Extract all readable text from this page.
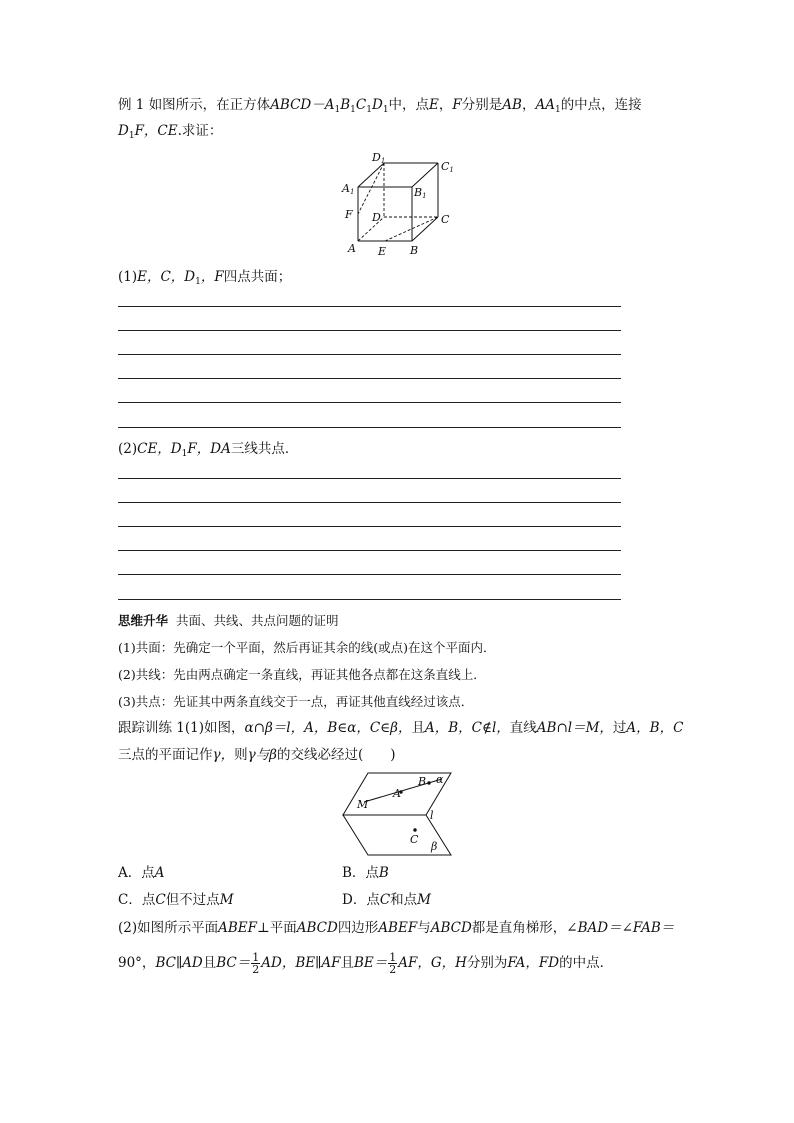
例 1 如图所示，在正方体$ABCD-A_1B_1C_1D_1$中，点E，F分别是AB，$AA_1$的中点，连接
$D_1F$，CE.求证：
D1	C1
A1	B1
F D	C
A E B
(1)E，C，$D_1$，F四点共面；
(2)CE，$D_1F$，DA三线共点．
思维升华 共面、共线、共点问题的证明
(1)共面：先确定一个平面，然后再证其余的线(或点)在这个平面内．
(2)共线：先由两点确定一条直线，再证其他各点都在这条直线上．
(3)共点：先证其中两条直线交于一点，再证其他直线经过该点．
跟踪训练 1(1)如图，α∩β＝l，A，B∈α，C∈β，且A，B，C∉l，直线AB∩l＝M，过A，B，C
三点的平面记作γ，则γ与β的交线必经过(　　)
α
B
A
M
l
C
β
A．点A	B．点B
C．点C但不过点M	D．点C和点M
(2)如图所示平面ABEF⊥平面ABCD四边形ABEF与ABCD都是直角梯形，∠BAD＝∠FAB＝
90°，BC∥AD且$BC= \frac{1}{2}$ AD，BE∥AF且$BE= \frac{1}{2}$ AF，G，H分别为FA，FD的中点．
